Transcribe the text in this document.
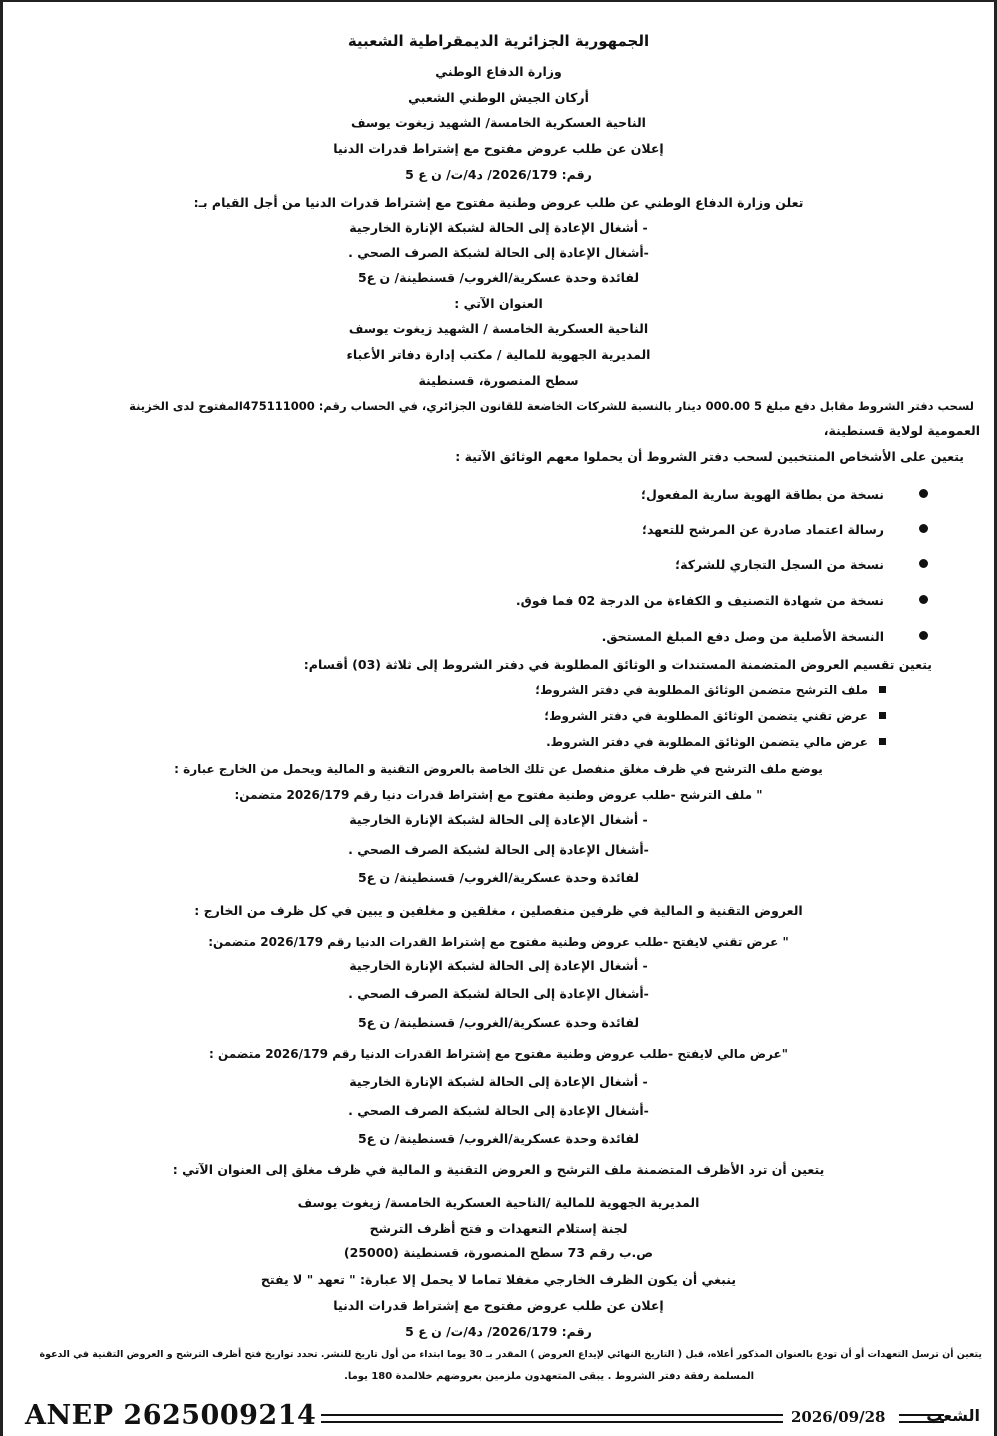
الجمهورية الجزائرية الديمقراطية الشعبية
وزارة الدفاع الوطني
أركان الجيش الوطني الشعبي
الناحية العسكرية الخامسة/ الشهيد زيغوت يوسف
إعلان عن طلب عروض مفتوح مع إشتراط قدرات الدنيا
رقم: 2026/179/ د4/ت/ ن ع 5
تعلن وزارة الدفاع الوطني عن طلب عروض وطنية مفتوح مع إشتراط قدرات الدنيا من أجل القيام بـ:
- أشغال الإعادة إلى الحالة لشبكة الإنارة الخارجية
-أشغال الإعادة إلى الحالة لشبكة الصرف الصحي .
لفائدة وحدة عسكرية/الغروب/ قسنطينة/ ن ع5
العنوان الآتي :
الناحية العسكرية الخامسة / الشهيد زيغوت يوسف
المديرية الجهوية للمالية / مكتب إدارة دفاتر الأعباء
سطح المنصورة، قسنطينة
لسحب دفتر الشروط مقابل دفع مبلغ 5 000.00 دينار بالنسبة للشركات الخاضعة للقانون الجزائري، في الحساب رقم: 475111000المفتوح لدى الخزينة
العمومية لولاية قسنطينة،
يتعين على الأشخاص المنتخبين لسحب دفتر الشروط أن يحملوا معهم الوثائق الآتية :
نسخة من بطاقة الهوية سارية المفعول؛
رسالة اعتماد صادرة عن المرشح للتعهد؛
نسخة من السجل التجاري للشركة؛
نسخة من شهادة التصنيف و الكفاءة من الدرجة 02 فما فوق.
النسخة الأصلية من وصل دفع المبلغ المستحق.
يتعين تقسيم العروض المتضمنة المستندات و الوثائق المطلوبة في دفتر الشروط إلى ثلاثة (03) أقسام:
ملف الترشح متضمن الوثائق المطلوبة في دفتر الشروط؛
عرض تقني يتضمن الوثائق المطلوبة في دفتر الشروط؛
عرض مالي يتضمن الوثائق المطلوبة في دفتر الشروط.
يوضع ملف الترشح في ظرف مغلق منفصل عن تلك الخاصة بالعروض التقنية و المالية ويحمل من الخارج عبارة :
" ملف الترشح -طلب عروض وطنية مفتوح مع إشتراط قدرات دنيا رقم 2026/179 متضمن:
- أشغال الإعادة إلى الحالة لشبكة الإنارة الخارجية
-أشغال الإعادة إلى الحالة لشبكة الصرف الصحي .
لفائدة وحدة عسكرية/الغروب/ قسنطينة/ ن ع5
العروض التقنية و المالية في ظرفين منفصلين ، مغلقين و مغلفين و يبين في كل ظرف من الخارج :
" عرض تقني لايفتح -طلب عروض وطنية مفتوح مع إشتراط القدرات الدنيا رقم 2026/179 متضمن:
- أشغال الإعادة إلى الحالة لشبكة الإنارة الخارجية
-أشغال الإعادة إلى الحالة لشبكة الصرف الصحي .
لفائدة وحدة عسكرية/الغروب/ قسنطينة/ ن ع5
"عرض مالي لايفتح -طلب عروض وطنية مفتوح مع إشتراط القدرات الدنيا رقم 2026/179 متضمن :
- أشغال الإعادة إلى الحالة لشبكة الإنارة الخارجية
-أشغال الإعادة إلى الحالة لشبكة الصرف الصحي .
لفائدة وحدة عسكرية/الغروب/ قسنطينة/ ن ع5
يتعين أن ترد الأظرف المتضمنة ملف الترشح و العروض التقنية و المالية في ظرف مغلق إلى العنوان الآتي :
المديرية الجهوية للمالية /الناحية العسكرية الخامسة/ زيغوت يوسف
لجنة إستلام التعهدات و فتح أظرف الترشح
ص.ب رقم 73 سطح المنصورة، قسنطينة (25000)
ينبغي أن يكون الظرف الخارجي مغفلا تماما لا يحمل إلا عبارة: " تعهد " لا يفتح
إعلان عن طلب عروض مفتوح مع إشتراط قدرات الدنيا
رقم: 2026/179/ د4/ت/ ن ع 5
يتعين أن ترسل التعهدات أو أن تودع بالعنوان المذكور أعلاه، قبل ( التاريخ النهائي لإيداع العروض ) المقدر بـ 30 يوما ابتداء من أول تاريخ للنشر. تحدد تواريخ فتح أظرف الترشح و العروض التقنية في الدعوة
المسلمة رفقة دفتر الشروط . يبقى المتعهدون ملزمين بعروضهم خلالمدة 180 يوما.
ANEP 2625009214	2026/09/28	الشعب
